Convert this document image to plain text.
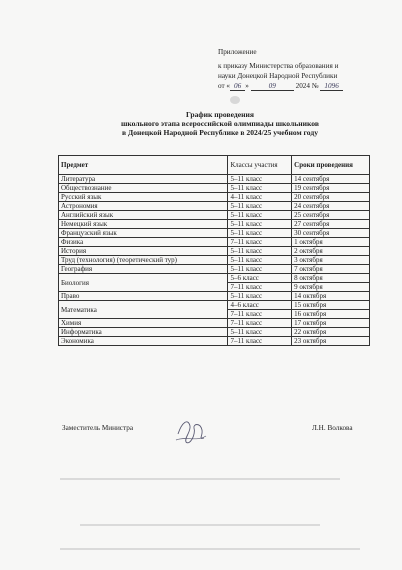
Приложение
к приказу Министерства образования и
науки Донецкой Народной Республики
от « 06 »	09	2024 № 1096
График проведения
школьного этапа всероссийской олимпиады школьников
в Донецкой Народной Республике в 2024/25 учебном году
Предмет	Классы участия	Сроки проведения
Литература	5–11 класс	14 сентября
Обществознание	5–11 класс	19 сентября
Русский язык	4–11 класс	20 сентября
Астрономия	5–11 класс	24 сентября
Английский язык	5–11 класс	25 сентября
Немецкий язык	5–11 класс	27 сентября
Французский язык	5–11 класс	30 сентября
Физика	7–11 класс	1 октября
История	5–11 класс	2 октября
Труд (технология) (теоретический тур)	5–11 класс	3 октября
География	5–11 класс	7 октября
Биология	5–6 класс	8 октября
	7–11 класс	9 октября
Право	5–11 класс	14 октября
Математика	4–6 класс	15 октября
	7–11 класс	16 октября
Химия	7–11 класс	17 октября
Информатика	5–11 класс	22 октября
Экономика	7–11 класс	23 октября
Заместитель Министра	Л.Н. Волкова
